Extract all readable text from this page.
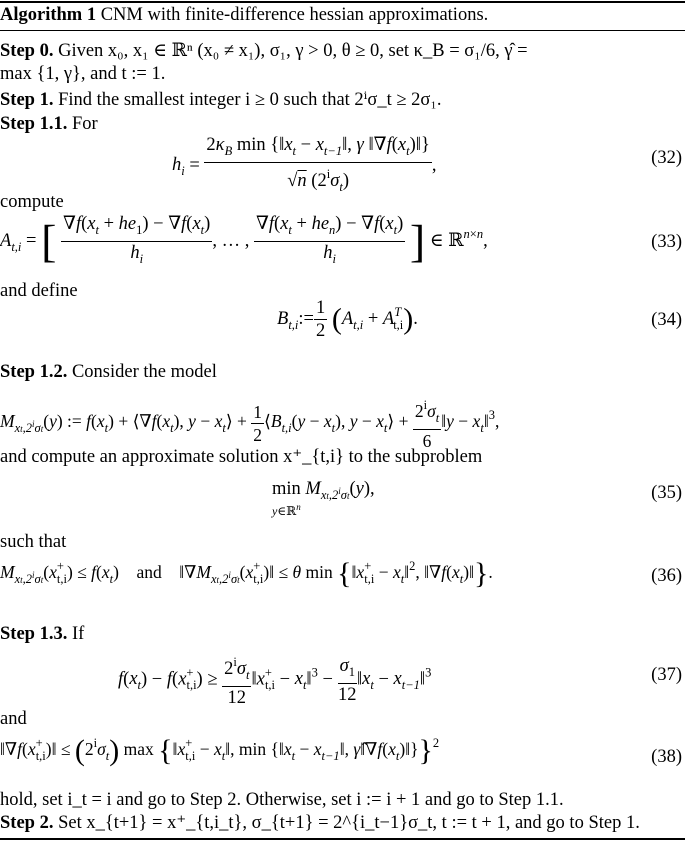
Algorithm 1 CNM with finite-difference hessian approximations.
Step 0. Given x₀, x₁ ∈ ℝⁿ (x₀ ≠ x₁), σ₁, γ > 0, θ ≥ 0, set κ_B = σ₁/6, γ̂ =
max {1, γ}, and t := 1.
Step 1. Find the smallest integer i ≥ 0 such that 2ⁱσ_t ≥ 2σ₁.
Step 1.1. For
$h_i = \frac{2\kappa_B \min \{‖x_t - x_{t-1}‖, \gamma ‖\nabla f(x_t)‖\}}{√n (2^i\sigma_t)}$ ,	(32)
compute
$A_{t,i}$ = [ $\frac{\nabla f(x_t + he_1) - \nabla f(x_t)}{h_i}$ , … , $\frac{\nabla f(x_t + he_n) - \nabla f(x_t)}{h_i}$ ] ∈ ℝ$^{n\times n}$,	(33)
and define
$B_{t,i}:= \frac{1}{2} (A_{t,i} + A^T_{t,i})$.	(34)
Step 1.2. Consider the model
$M_{xt,2^i\sigma t}(y)$ := $f(x_t)$ + $⟨\nabla f(x_t)$, $y - x_t⟩ + \frac{1}{2}$ $⟨B_{t,i}(y - x_t)$, $y - x_t⟩ + \frac{2^i\sigma_t}{6}$ ‖y − $x_t‖^3$,
and compute an approximate solution x⁺_{t,i} to the subproblem
min
y∈ℝ$^n$ $M_{xt,2^i\sigma t}(y)$,	(35)
such that
$M_{xt,2^i\sigma t}(x^+_{t,i}) \le f(x_t)$    and    $‖\nabla M_{xt,2^i\sigma t}(x^+_{t,i})‖ \le \theta$ $\min \{‖x^+_{t,i}$ − $x_t‖^2$, $‖\nabla f(x_t)‖$}.	(36)
Step 1.3. If
$f(x_t) - f(x^+_{t,i}) \ge \frac{2^i\sigma_t}{12}$ $‖x^+_{t,i}$ − $x_t‖^3 - \frac{\sigma_1}{12}$ $‖x_t$ − $x_{t-1}‖^3$	(37)
and
$‖\nabla f(x^+_{t,i})‖ \le (2^i\sigma_t)$ $\max \{‖x^+_{t,i}$ − $x_t‖$, $\min \{‖x_t$ − $x_{t-1}‖$, $\gammâ‖\nabla f(x_t)‖\}\}^2$
(38)
hold, set i_t = i and go to Step 2. Otherwise, set i := i + 1 and go to Step 1.1.
Step 2. Set x_{t+1} = x⁺_{t,i_t}, σ_{t+1} = 2^{i_t−1}σ_t, t := t + 1, and go to Step 1.
